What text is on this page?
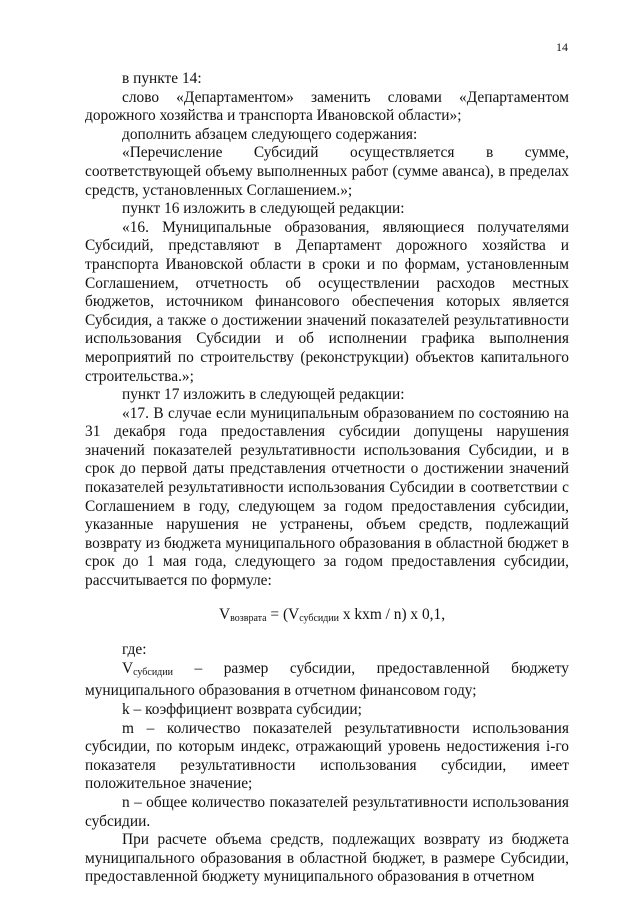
14

в пункте 14:

слово «Департаментом» заменить словами «Департаментом дорожного хозяйства и транспорта Ивановской области»;

дополнить абзацем следующего содержания:

«Перечисление Субсидий осуществляется в сумме, соответствующей объему выполненных работ (сумме аванса), в пределах средств, установленных Соглашением.»;

пункт 16 изложить в следующей редакции:

«16. Муниципальные образования, являющиеся получателями Субсидий, представляют в Департамент дорожного хозяйства и транспорта Ивановской области в сроки и по формам, установленным Соглашением, отчетность об осуществлении расходов местных бюджетов, источником финансового обеспечения которых является Субсидия, а также о достижении значений показателей результативности использования Субсидии и об исполнении графика выполнения мероприятий по строительству (реконструкции) объектов капитального строительства.»;

пункт 17 изложить в следующей редакции:

«17. В случае если муниципальным образованием по состоянию на 31 декабря года предоставления субсидии допущены нарушения значений показателей результативности использования Субсидии, и в срок до первой даты представления отчетности о достижении значений показателей результативности использования Субсидии в соответствии с Соглашением в году, следующем за годом предоставления субсидии, указанные нарушения не устранены, объем средств, подлежащий возврату из бюджета муниципального образования в областной бюджет в срок до 1 мая года, следующего за годом предоставления субсидии, рассчитывается по формуле:

$V_{возврата} = (V_{субсидии}$ x kxm / n) x 0,1,

где:

$V_{субсидии}$ – размер субсидии, предоставленной бюджету муниципального образования в отчетном финансовом году;

k – коэффициент возврата субсидии;

m – количество показателей результативности использования субсидии, по которым индекс, отражающий уровень недостижения i-го показателя результативности использования субсидии, имеет положительное значение;

n – общее количество показателей результативности использования субсидии.

При расчете объема средств, подлежащих возврату из бюджета муниципального образования в областной бюджет, в размере Субсидии, предоставленной бюджету муниципального образования в отчетном
